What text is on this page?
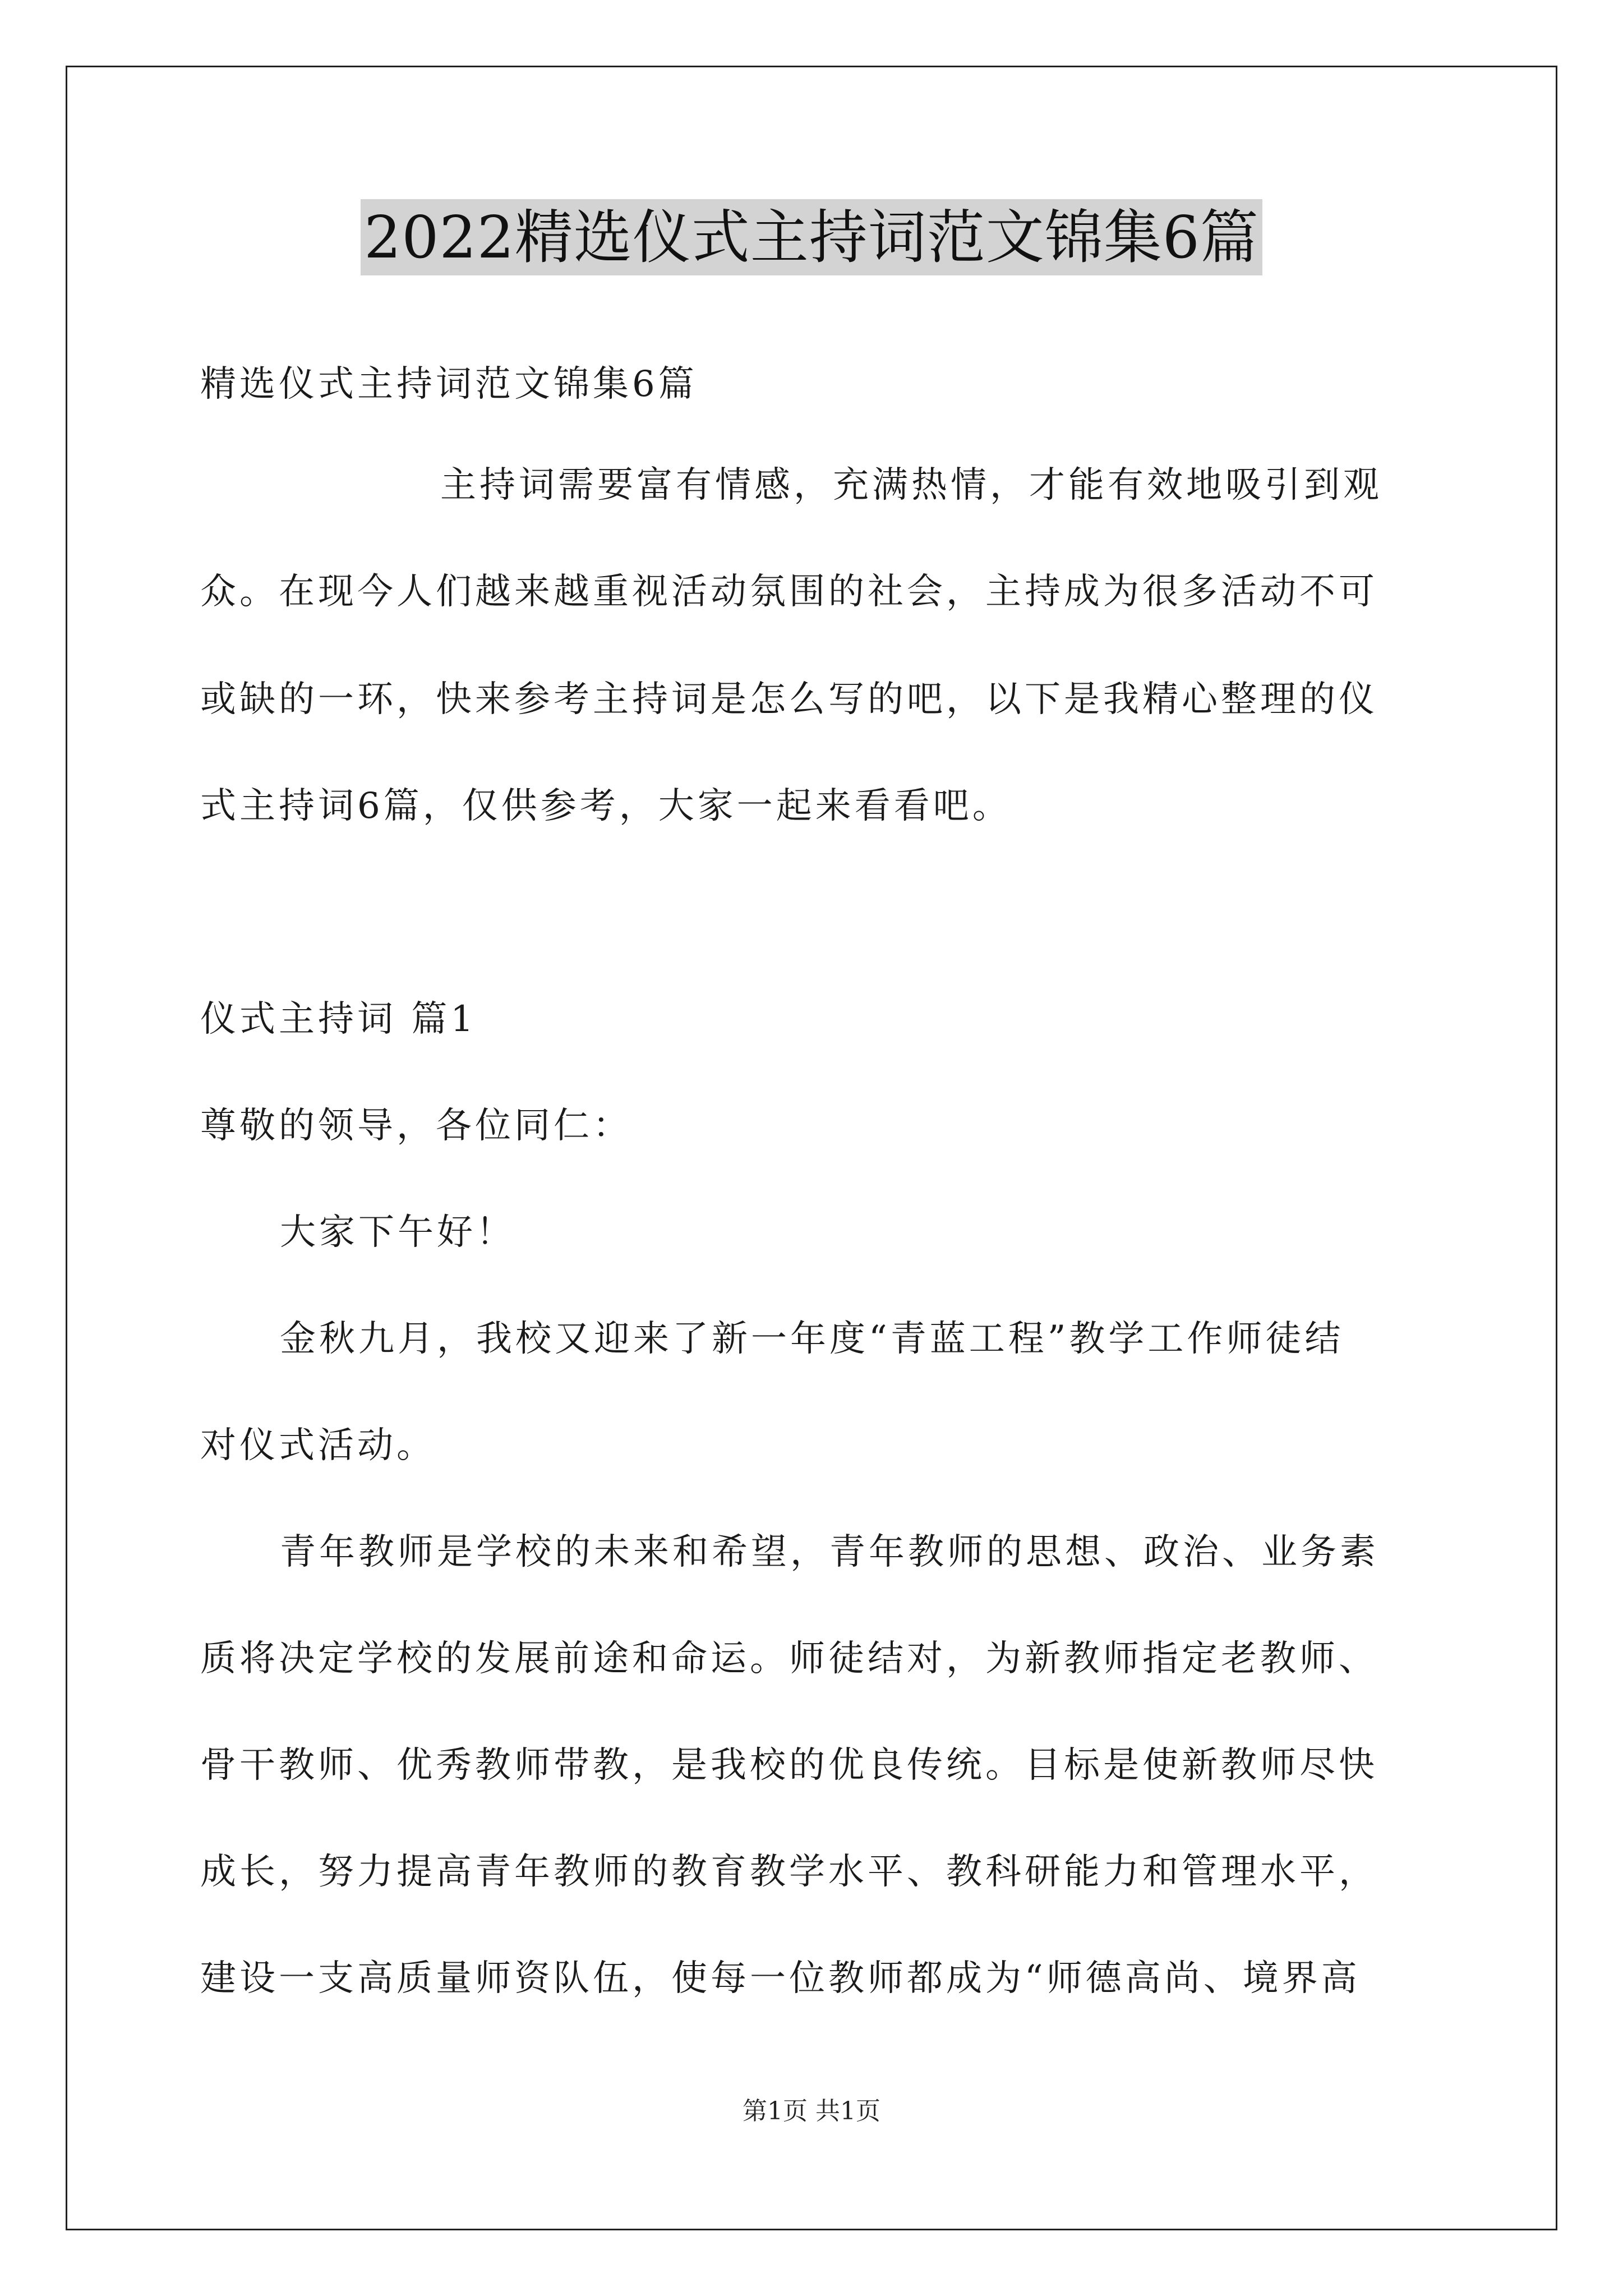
2022精选仪式主持词范文锦集6篇
精选仪式主持词范文锦集6篇
主持词需要富有情感，充满热情，才能有效地吸引到观
众。在现今人们越来越重视活动氛围的社会，主持成为很多活动不可
或缺的一环，快来参考主持词是怎么写的吧，以下是我精心整理的仪
式主持词6篇，仅供参考，大家一起来看看吧。
仪式主持词 篇1
尊敬的领导，各位同仁：
大家下午好！
金秋九月，我校又迎来了新一年度“青蓝工程”教学工作师徒结
对仪式活动。
青年教师是学校的未来和希望，青年教师的思想、政治、业务素
质将决定学校的发展前途和命运。师徒结对，为新教师指定老教师、
骨干教师、优秀教师带教，是我校的优良传统。目标是使新教师尽快
成长，努力提高青年教师的教育教学水平、教科研能力和管理水平，
建设一支高质量师资队伍，使每一位教师都成为“师德高尚、境界高
第1页 共1页
